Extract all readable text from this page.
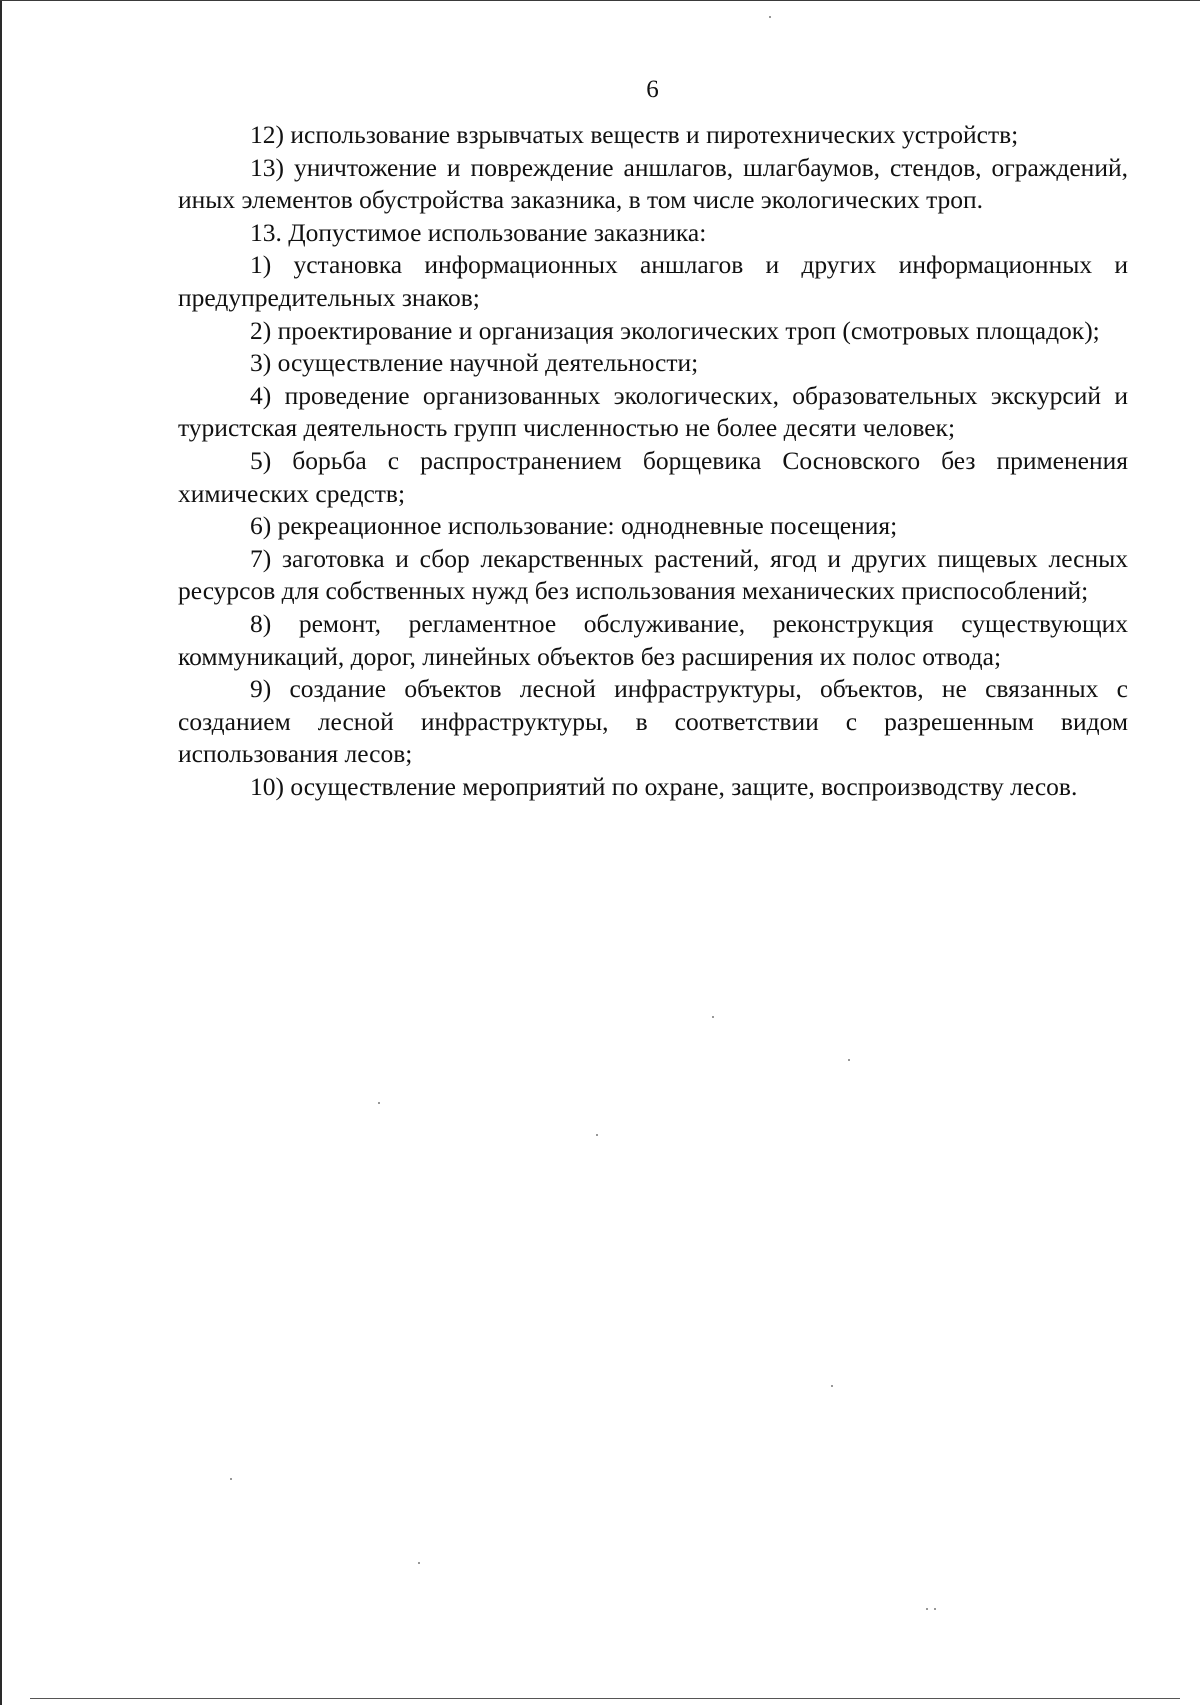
6

12) использование взрывчатых веществ и пиротехнических устройств;

13) уничтожение и повреждение аншлагов, шлагбаумов, стендов, ограждений, иных элементов обустройства заказника, в том числе экологических троп.

13. Допустимое использование заказника:

1) установка информационных аншлагов и других информационных и предупредительных знаков;

2) проектирование и организация экологических троп (смотровых площадок);

3) осуществление научной деятельности;

4) проведение организованных экологических, образовательных экскурсий и туристская деятельность групп численностью не более десяти человек;

5) борьба с распространением борщевика Сосновского без применения химических средств;

6) рекреационное использование: однодневные посещения;

7) заготовка и сбор лекарственных растений, ягод и других пищевых лесных ресурсов для собственных нужд без использования механических приспособлений;

8) ремонт, регламентное обслуживание, реконструкция существующих коммуникаций, дорог, линейных объектов без расширения их полос отвода;

9) создание объектов лесной инфраструктуры, объектов, не связанных с созданием лесной инфраструктуры, в соответствии с разрешенным видом использования лесов;

10) осуществление мероприятий по охране, защите, воспроизводству лесов.
